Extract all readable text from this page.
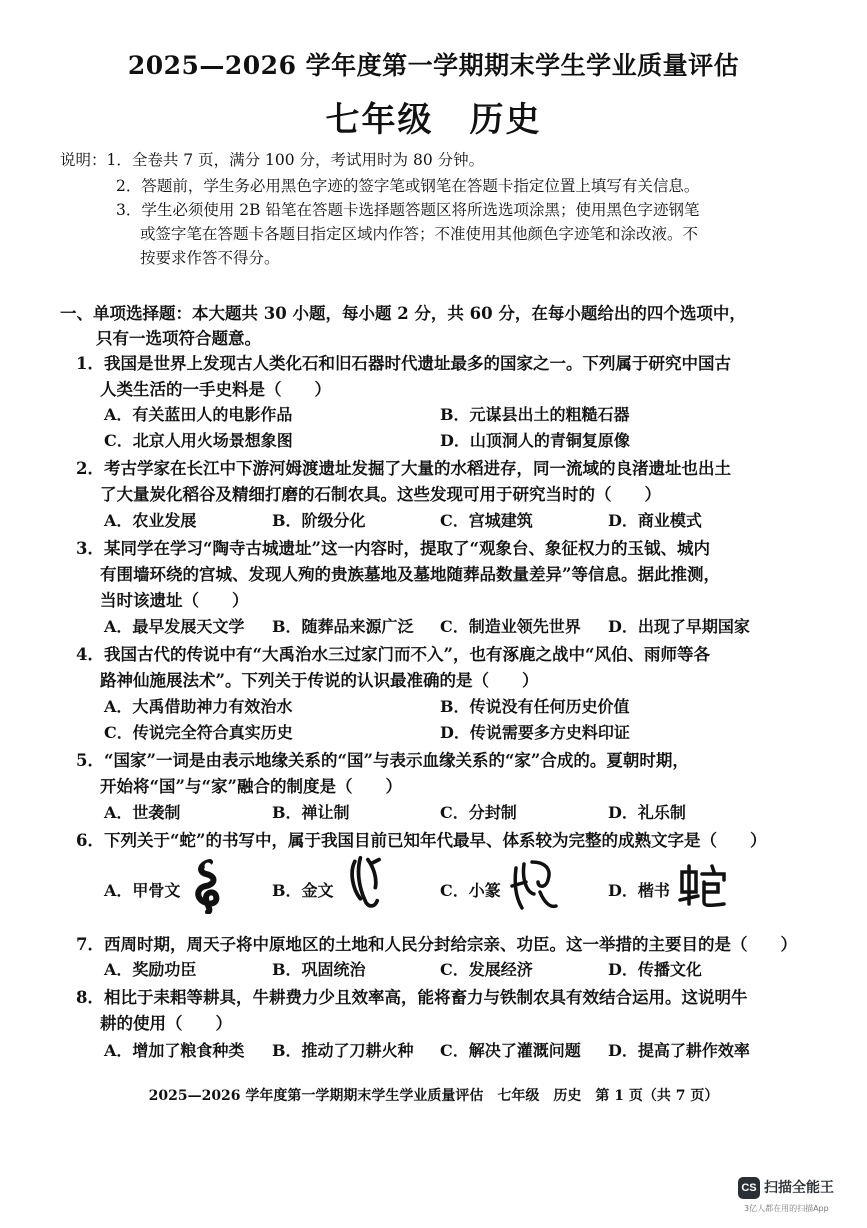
2025—2026 学年度第一学期期末学生学业质量评估
七年级　历史
说明：1．全卷共 7 页，满分 100 分，考试用时为 80 分钟。
2．答题前，学生务必用黑色字迹的签字笔或钢笔在答题卡指定位置上填写有关信息。
3．学生必须使用 2B 铅笔在答题卡选择题答题区将所选选项涂黑；使用黑色字迹钢笔
或签字笔在答题卡各题目指定区域内作答；不准使用其他颜色字迹笔和涂改液。不
按要求作答不得分。
一、单项选择题：本大题共 30 小题，每小题 2 分，共 60 分，在每小题给出的四个选项中，
只有一选项符合题意。
1．我国是世界上发现古人类化石和旧石器时代遗址最多的国家之一。下列属于研究中国古
人类生活的一手史料是（　　）
A．有关蓝田人的电影作品	B．元谋县出土的粗糙石器
C．北京人用火场景想象图	D．山顶洞人的青铜复原像
2．考古学家在长江中下游河姆渡遗址发掘了大量的水稻进存，同一流域的良渚遗址也出土
了大量炭化稻谷及精细打磨的石制农具。这些发现可用于研究当时的（　　）
A．农业发展	B．阶级分化	C．宫城建筑	D．商业模式
3．某同学在学习“陶寺古城遗址”这一内容时，提取了“观象台、象征权力的玉钺、城内
有围墙环绕的宫城、发现人殉的贵族墓地及墓地随葬品数量差异”等信息。据此推测，
当时该遗址（　　）
A．最早发展天文学 B．随葬品来源广泛 C．制造业领先世界 D．出现了早期国家
4．我国古代的传说中有“大禹治水三过家门而不入”，也有涿鹿之战中“风伯、雨师等各
路神仙施展法术”。下列关于传说的认识最准确的是（　　）
A．大禹借助神力有效治水	B．传说没有任何历史价值
C．传说完全符合真实历史	D．传说需要多方史料印证
5．“国家”一词是由表示地缘关系的“国”与表示血缘关系的“家”合成的。夏朝时期，
开始将“国”与“家”融合的制度是（　　）
A．世袭制	B．禅让制	C．分封制	D．礼乐制
6．下列关于“蛇”的书写中，属于我国目前已知年代最早、体系较为完整的成熟文字是（　　）
A．甲骨文	B．金文	C．小篆	D．楷书
7．西周时期，周天子将中原地区的土地和人民分封给宗亲、功臣。这一举措的主要目的是（　　）
A．奖励功臣	B．巩固统治	C．发展经济	D．传播文化
8．相比于耒耜等耕具，牛耕费力少且效率高，能将畜力与铁制农具有效结合运用。这说明牛
耕的使用（　　）
A．增加了粮食种类 B．推动了刀耕火种 C．解决了灌溉问题 D．提高了耕作效率
2025—2026 学年度第一学期期末学生学业质量评估　七年级　历史　第 1 页（共 7 页）
CS 扫描全能王
3亿人都在用的扫描App
